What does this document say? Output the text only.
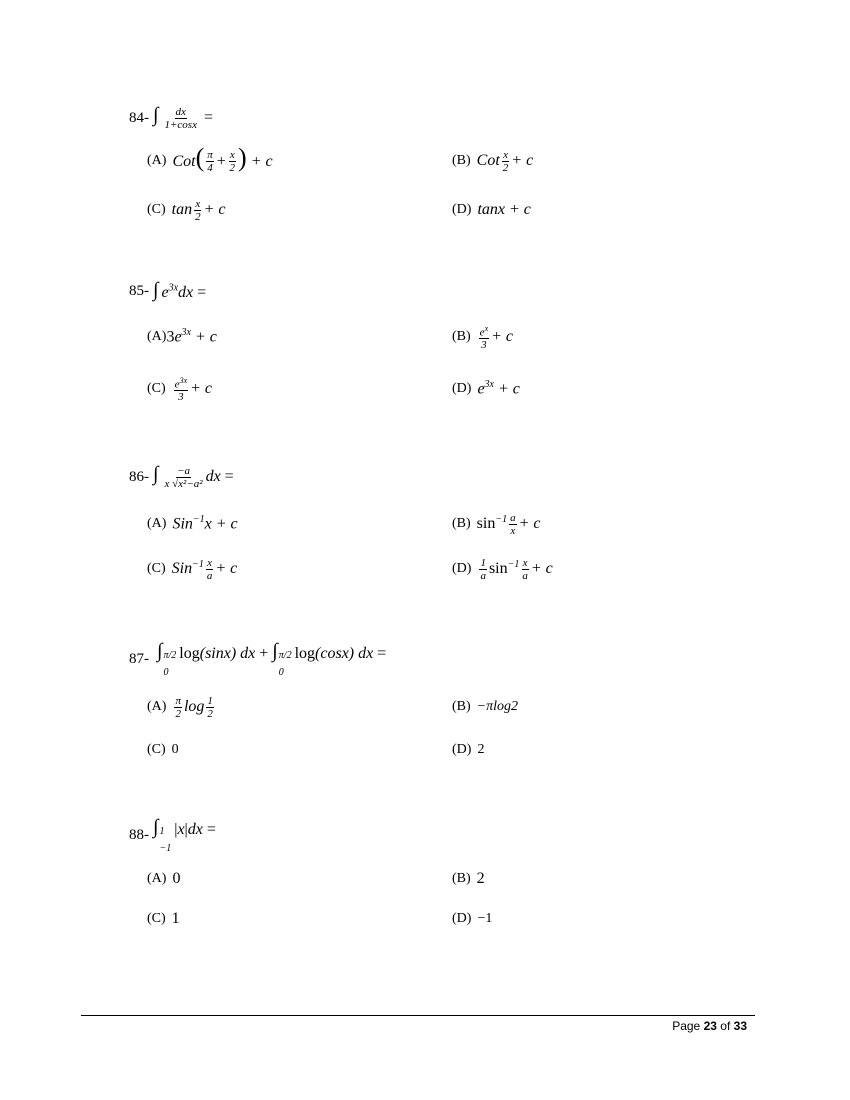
84- ∫ $\frac{dx}{1+\cos x}$ =
(A) $Cot( \frac{\pi}{4} + \frac{x}{2}$ ) + c	(B) Cot $\frac{x}{2} + c$
(C) $\tan \frac{x}{2} + c$	(D) tanx + c
85- ∫ $e^{3x}dx$ =
(A) $3e^{3x} + c$	$(B) \frac{e^x}{3} + c$
$(C) \frac{e^{3x}}{3} + c$	(D) $e^{3x} + c$
86- ∫ $\frac{-a}{\text{x √x²−a²}}$ dx =
(A) Sin$^{-1}$x + c	(B) $\sin^{-1} \frac{a}{x} + c$
(C) $Sin^{-1} \frac{x}{a} + c$	$(D) \frac{1}{a} \sin^{-1} \frac{x}{a} + c$
87- ∫ π/2
0
log(sinx) dx + ∫ π/2
0
log(cosx) dx =
$(A) \frac{\pi}{2}$ $\log \frac{1}{2}$	(B) −πlog2
(C) 0	(D) 2
88- ∫ 1
−1
|x|dx =
(A) 0	(B) 2
(C) 1	(D) −1
Page 23 of 33
